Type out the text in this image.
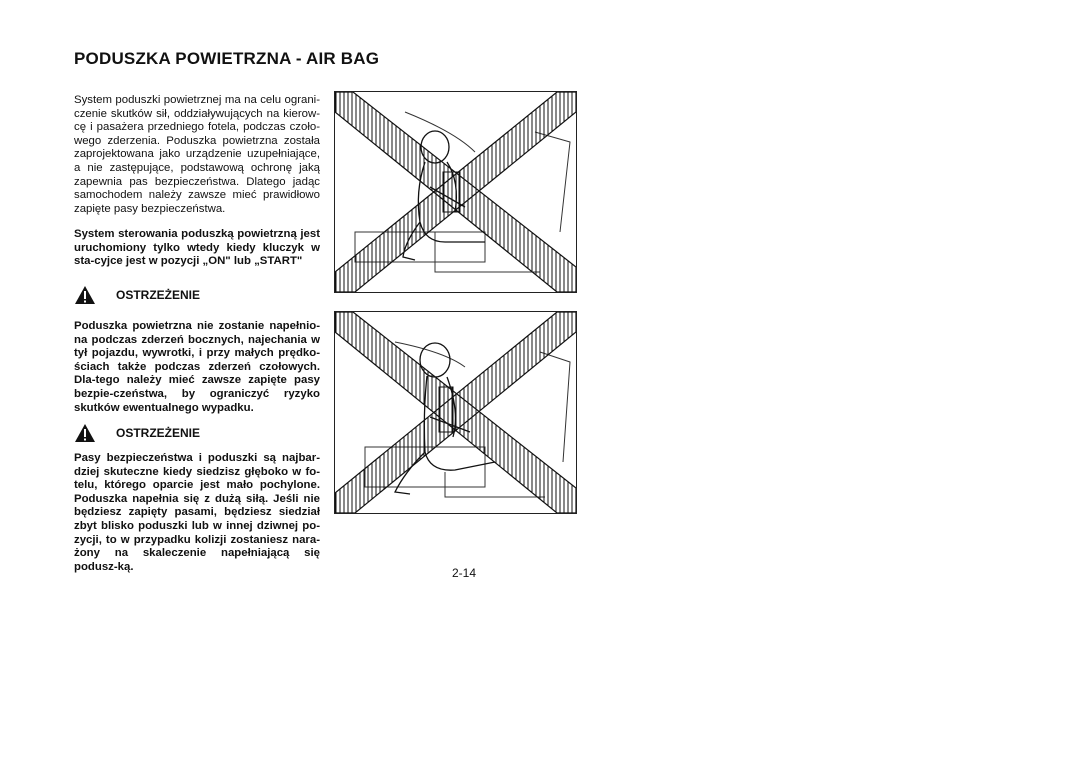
PODUSZKA POWIETRZNA - AIR BAG
System poduszki powietrznej ma na celu ograni-czenie skutków sił, oddziaływujących na kierow-cę i pasażera przedniego fotela, podczas czoło-wego zderzenia. Poduszka powietrzna została zaprojektowana jako urządzenie uzupełniające, a nie zastępujące, podstawową ochronę jaką zapewnia pas bezpieczeństwa. Dlatego jadąc samochodem należy zawsze mieć prawidłowo zapięte pasy bezpieczeństwa.
System sterowania poduszką powietrzną jest uruchomiony tylko wtedy kiedy kluczyk w sta-cyjce jest w pozycji „ON" lub „START"
OSTRZEŻENIE
Poduszka powietrzna nie zostanie napełnio-na podczas zderzeń bocznych, najechania w tył pojazdu, wywrotki, i przy małych prędko-ściach także podczas zderzeń czołowych. Dla-tego należy mieć zawsze zapięte pasy bezpie-czeństwa, by ograniczyć ryzyko skutków ewentualnego wypadku.
OSTRZEŻENIE
Pasy bezpieczeństwa i poduszki są najbar-dziej skuteczne kiedy siedzisz głęboko w fo-telu, którego oparcie jest mało pochylone. Poduszka napełnia się z dużą siłą. Jeśli nie będziesz zapięty pasami, będziesz siedział zbyt blisko poduszki lub w innej dziwnej po-zycji, to w przypadku kolizji zostaniesz nara-żony na skaleczenie napełniającą się podusz-ką.	2-14
